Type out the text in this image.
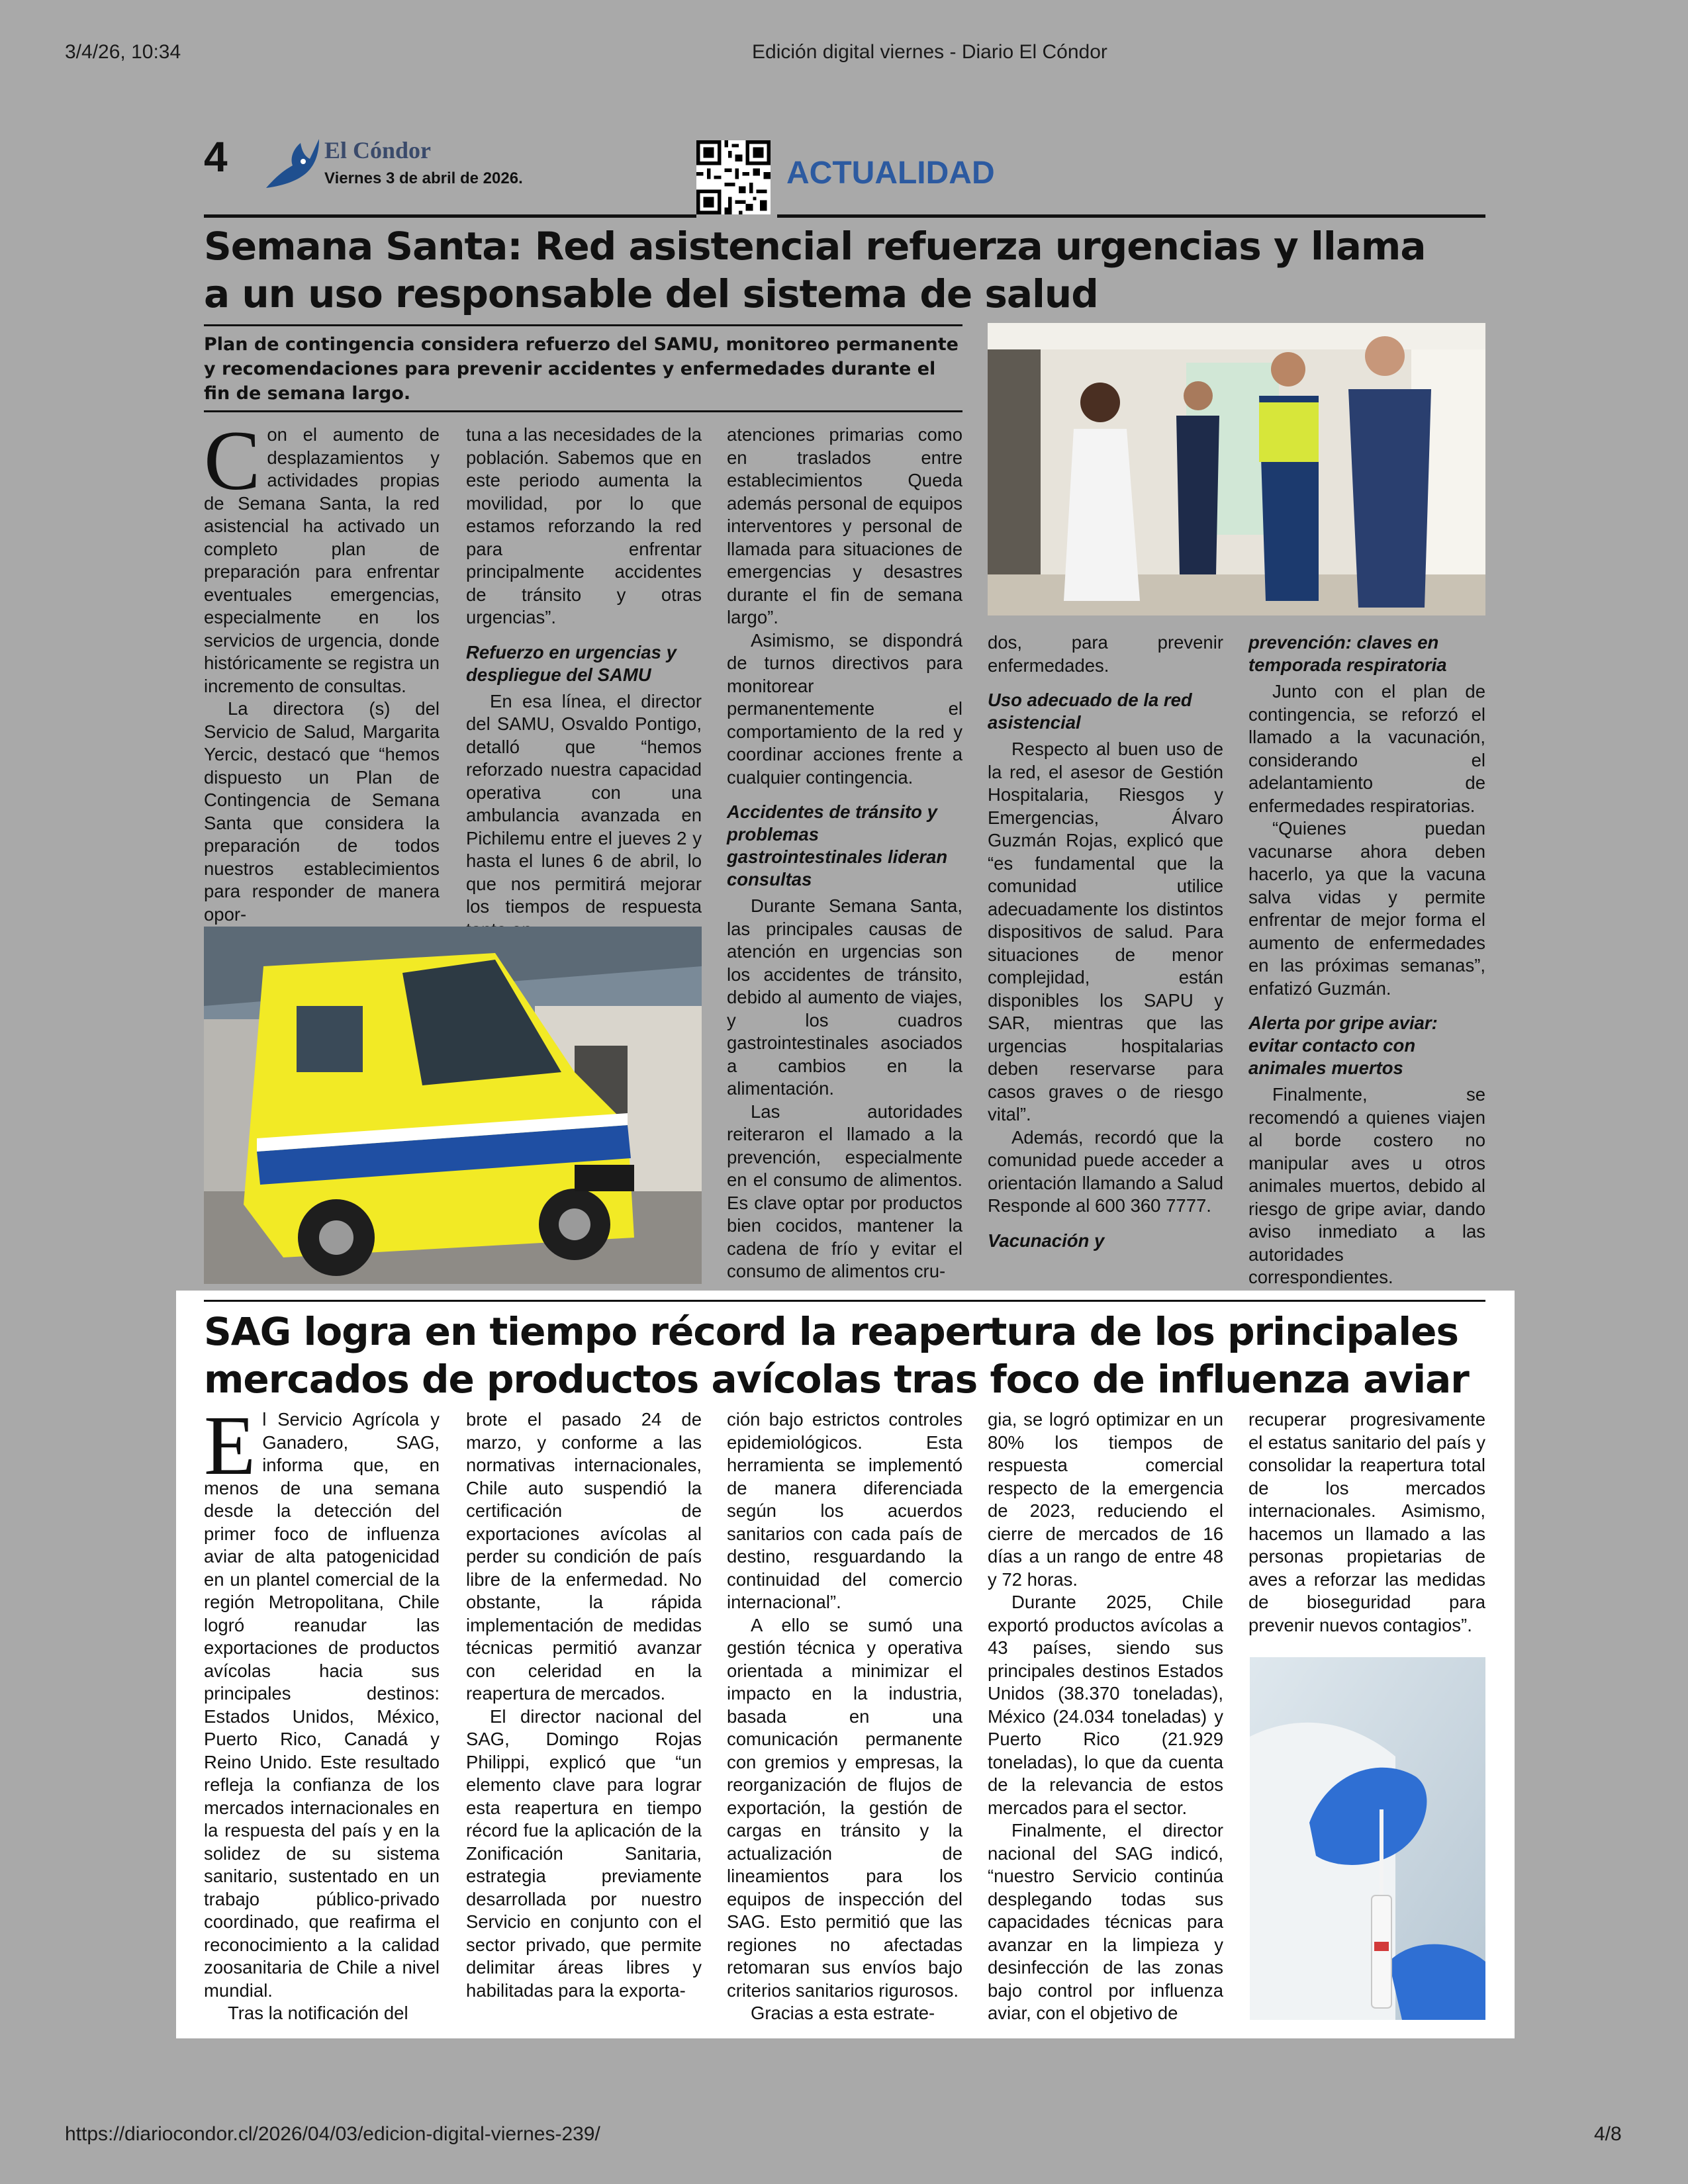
3/4/26, 10:34	Edición digital viernes - Diario El Cóndor
https://diariocondor.cl/2026/04/03/edicion-digital-viernes-239/	4/8
4	El Cóndor
Viernes 3 de abril de 2026.	ACTUALIDAD
Semana Santa: Red asistencial refuerza urgencias y llama a un uso responsable del sistema de salud
Plan de contingencia considera refuerzo del SAMU, monitoreo permanente y recomendaciones para prevenir accidentes y enfermedades durante el fin de semana largo.

Con el aumento de desplazamientos y actividades propias de Semana Santa, la red asistencial ha activado un completo plan de preparación para enfrentar eventuales emergencias, especialmente en los servicios de urgencia, donde históricamente se registra un incremento de consultas.

La directora (s) del Servicio de Salud, Margarita Yercic, destacó que “hemos dispuesto un Plan de Contingencia de Semana Santa que considera la preparación de todos nuestros establecimientos para responder de manera opor-

tuna a las necesidades de la población. Sabemos que en este periodo aumenta la movilidad, por lo que estamos reforzando la red para enfrentar principalmente accidentes de tránsito y otras urgencias”.

Refuerzo en urgencias y despliegue del SAMU

En esa línea, el director del SAMU, Osvaldo Pontigo, detalló que “hemos reforzado nuestra capacidad operativa con una ambulancia avanzada en Pichilemu entre el jueves 2 y hasta el lunes 6 de abril, lo que nos permitirá mejorar los tiempos de respuesta

atenciones primarias como en traslados entre establecimientos Queda además personal de equipos interventores y personal de llamada para situaciones de emergencias y desastres durante el fin de semana largo”.

Asimismo, se dispondrá de turnos directivos para monitorear permanentemente el comportamiento de la red y coordinar acciones frente a cualquier contingencia.

Accidentes de tránsito y problemas gastrointestinales lideran consultas

Durante Semana Santa, las principales causas de atención en urgencias son los accidentes de tránsito, debido al aumento de viajes, y los cuadros gastrointestinales asociados a cambios en la alimentación.

Las autoridades reiteraron el llamado a la prevención, especialmente en el consumo de alimentos. Es clave optar por productos bien cocidos, mantener la cadena de frío y evitar el consumo de alimentos cru-

dos, para prevenir enfermedades.

Uso adecuado de la red asistencial

Respecto al buen uso de la red, el asesor de Gestión Hospitalaria, Riesgos y Emergencias, Álvaro Guzmán Rojas, explicó que “es fundamental que la comunidad utilice adecuadamente los distintos dispositivos de salud. Para situaciones de menor complejidad, están disponibles los SAPU y SAR, mientras que las urgencias hospitalarias deben reservarse para casos graves o de riesgo vital”.

Además, recordó que la comunidad puede acceder a orientación llamando a Salud Responde al 600 360 7777.

Vacunación y
prevención: claves en temporada respiratoria

Junto con el plan de contingencia, se reforzó el llamado a la vacunación, considerando el adelantamiento de enfermedades respiratorias.

“Quienes puedan vacunarse ahora deben hacerlo, ya que la vacuna salva vidas y permite enfrentar de mejor forma el aumento de enfermedades en las próximas semanas”, enfatizó Guzmán.

Alerta por gripe aviar: evitar contacto con animales muertos

Finalmente, se recomendó a quienes viajen al borde costero no manipular aves u otros animales muertos, debido al riesgo de gripe aviar, dando aviso inmediato a las autoridades correspondientes.

SAG logra en tiempo récord la reapertura de los principales mercados de productos avícolas tras foco de influenza aviar

El Servicio Agrícola y Ganadero, SAG, informa que, en menos de una semana desde la detección del primer foco de influenza aviar de alta patogenicidad en un plantel comercial de la región Metropolitana, Chile logró reanudar las exportaciones de productos avícolas hacia sus principales destinos: Estados Unidos, México, Puerto Rico, Canadá y Reino Unido. Este resultado refleja la confianza de los mercados internacionales en la respuesta del país y en la solidez de su sistema sanitario, sustentado en un trabajo público-privado coordinado, que reafirma el reconocimiento a la calidad zoosanitaria de Chile a nivel mundial.

Tras la notificación del

brote el pasado 24 de marzo, y conforme a las normativas internacionales, Chile auto suspendió la certificación de exportaciones avícolas al perder su condición de país libre de la enfermedad. No obstante, la rápida implementación de medidas técnicas permitió avanzar con celeridad en la reapertura de mercados.

El director nacional del SAG, Domingo Rojas Philippi, explicó que “un elemento clave para lograr esta reapertura en tiempo récord fue la aplicación de la Zonificación Sanitaria, estrategia previamente desarrollada por nuestro Servicio en conjunto con el sector privado, que permite delimitar áreas libres y habilitadas para la exporta-

ción bajo estrictos controles epidemiológicos. Esta herramienta se implementó de manera diferenciada según los acuerdos sanitarios con cada país de destino, resguardando la continuidad del comercio internacional”.

A ello se sumó una gestión técnica y operativa orientada a minimizar el impacto en la industria, basada en una comunicación permanente con gremios y empresas, la reorganización de flujos de exportación, la gestión de cargas en tránsito y la actualización de lineamientos para los equipos de inspección del SAG. Esto permitió que las regiones no afectadas retomaran sus envíos bajo criterios sanitarios rigurosos.

Gracias a esta estrate-

gia, se logró optimizar en un 80% los tiempos de respuesta comercial respecto de la emergencia de 2023, reduciendo el cierre de mercados de 16 días a un rango de entre 48 y 72 horas.

Durante 2025, Chile exportó productos avícolas a 43 países, siendo sus principales destinos Estados Unidos (38.370 toneladas), México (24.034 toneladas) y Puerto Rico (21.929 toneladas), lo que da cuenta de la relevancia de estos mercados para el sector.

Finalmente, el director nacional del SAG indicó, “nuestro Servicio continúa desplegando todas sus capacidades técnicas para avanzar en la limpieza y desinfección de las zonas bajo control por influenza aviar, con el objetivo de

recuperar progresivamente el estatus sanitario del país y consolidar la reapertura total de los mercados internacionales. Asimismo, hacemos un llamado a las personas propietarias de aves a reforzar las medidas de bioseguridad para prevenir nuevos contagios”.
